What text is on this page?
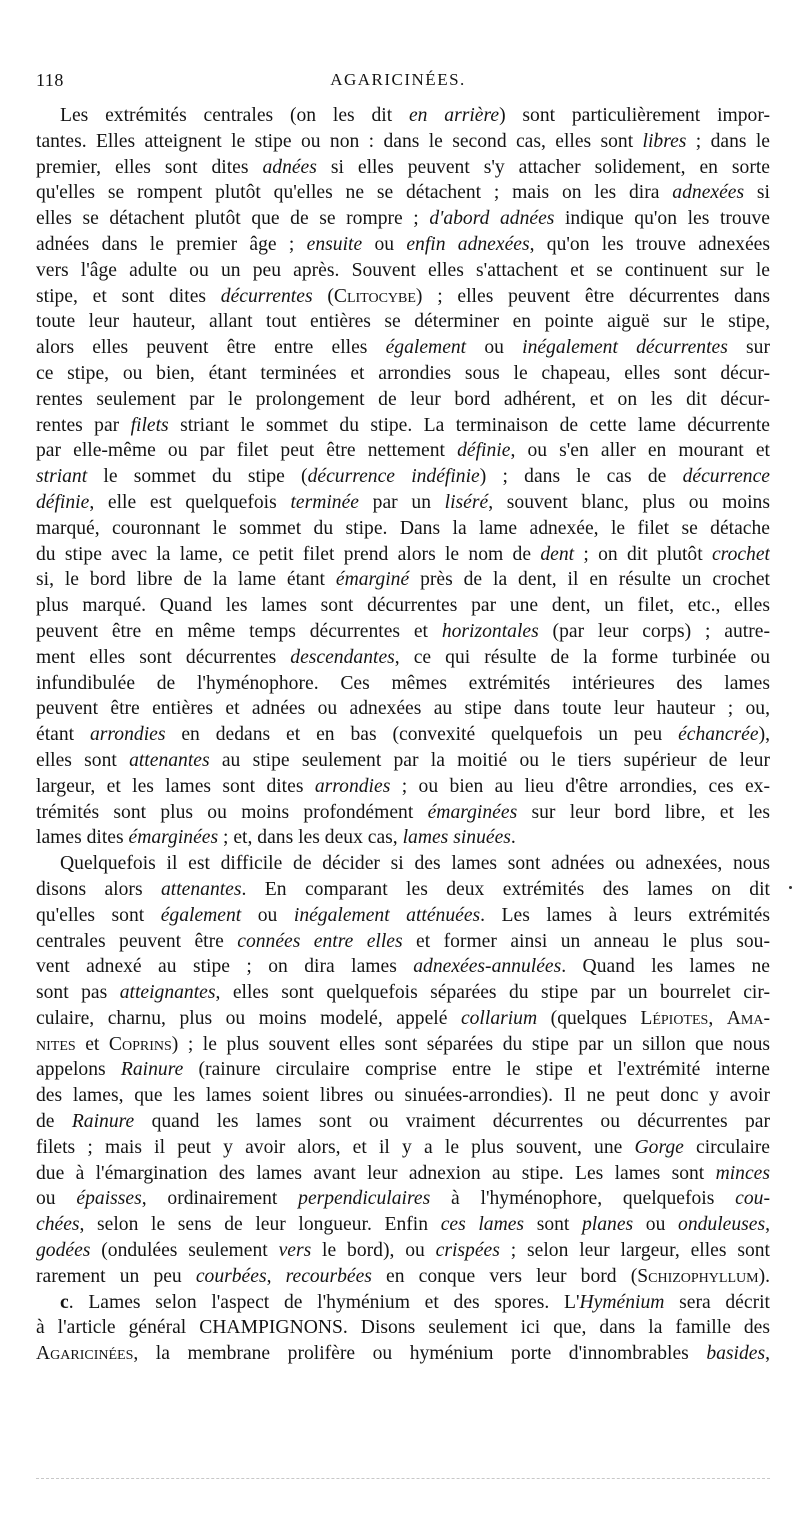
118	AGARICINÉES.
Les extrémités centrales (on les dit en arrière) sont particulièrement impor-
tantes. Elles atteignent le stipe ou non : dans le second cas, elles sont libres ; dans le
premier, elles sont dites adnées si elles peuvent s'y attacher solidement, en sorte
qu'elles se rompent plutôt qu'elles ne se détachent ; mais on les dira adnexées si
elles se détachent plutôt que de se rompre ; d'abord adnées indique qu'on les trouve
adnées dans le premier âge ; ensuite ou enfin adnexées, qu'on les trouve adnexées
vers l'âge adulte ou un peu après. Souvent elles s'attachent et se continuent sur le
stipe, et sont dites décurrentes (Clitocybe) ; elles peuvent être décurrentes dans
toute leur hauteur, allant tout entières se déterminer en pointe aiguë sur le stipe,
alors elles peuvent être entre elles également ou inégalement décurrentes sur
ce stipe, ou bien, étant terminées et arrondies sous le chapeau, elles sont décur-
rentes seulement par le prolongement de leur bord adhérent, et on les dit décur-
rentes par filets striant le sommet du stipe. La terminaison de cette lame décurrente
par elle-même ou par filet peut être nettement définie, ou s'en aller en mourant et
striant le sommet du stipe (décurrence indéfinie) ; dans le cas de décurrence
définie, elle est quelquefois terminée par un liséré, souvent blanc, plus ou moins
marqué, couronnant le sommet du stipe. Dans la lame adnexée, le filet se détache
du stipe avec la lame, ce petit filet prend alors le nom de dent ; on dit plutôt crochet
si, le bord libre de la lame étant émarginé près de la dent, il en résulte un crochet
plus marqué. Quand les lames sont décurrentes par une dent, un filet, etc., elles
peuvent être en même temps décurrentes et horizontales (par leur corps) ; autre-
ment elles sont décurrentes descendantes, ce qui résulte de la forme turbinée ou
infundibulée de l'hyménophore. Ces mêmes extrémités intérieures des lames
peuvent être entières et adnées ou adnexées au stipe dans toute leur hauteur ; ou,
étant arrondies en dedans et en bas (convexité quelquefois un peu échancrée),
elles sont attenantes au stipe seulement par la moitié ou le tiers supérieur de leur
largeur, et les lames sont dites arrondies ; ou bien au lieu d'être arrondies, ces ex-
trémités sont plus ou moins profondément émarginées sur leur bord libre, et les
lames dites émarginées ; et, dans les deux cas, lames sinuées.
Quelquefois il est difficile de décider si des lames sont adnées ou adnexées, nous
disons alors attenantes. En comparant les deux extrémités des lames on dit
qu'elles sont également ou inégalement atténuées. Les lames à leurs extrémités
centrales peuvent être connées entre elles et former ainsi un anneau le plus sou-
vent adnexé au stipe ; on dira lames adnexées-annulées. Quand les lames ne
sont pas atteignantes, elles sont quelquefois séparées du stipe par un bourrelet cir-
culaire, charnu, plus ou moins modelé, appelé collarium (quelques Lépiotes, Ama-
nites et Coprins) ; le plus souvent elles sont séparées du stipe par un sillon que nous
appelons Rainure (rainure circulaire comprise entre le stipe et l'extrémité interne
des lames, que les lames soient libres ou sinuées-arrondies). Il ne peut donc y avoir
de Rainure quand les lames sont ou vraiment décurrentes ou décurrentes par
filets ; mais il peut y avoir alors, et il y a le plus souvent, une Gorge circulaire
due à l'émargination des lames avant leur adnexion au stipe. Les lames sont minces
ou épaisses, ordinairement perpendiculaires à l'hyménophore, quelquefois cou-
chées, selon le sens de leur longueur. Enfin ces lames sont planes ou onduleuses,
godées (ondulées seulement vers le bord), ou crispées ; selon leur largeur, elles sont
rarement un peu courbées, recourbées en conque vers leur bord (Schizophyllum).
c. Lames selon l'aspect de l'hyménium et des spores. L'Hyménium sera décrit
à l'article général CHAMPIGNONS. Disons seulement ici que, dans la famille des
Agaricinées, la membrane prolifère ou hyménium porte d'innombrables basides,
